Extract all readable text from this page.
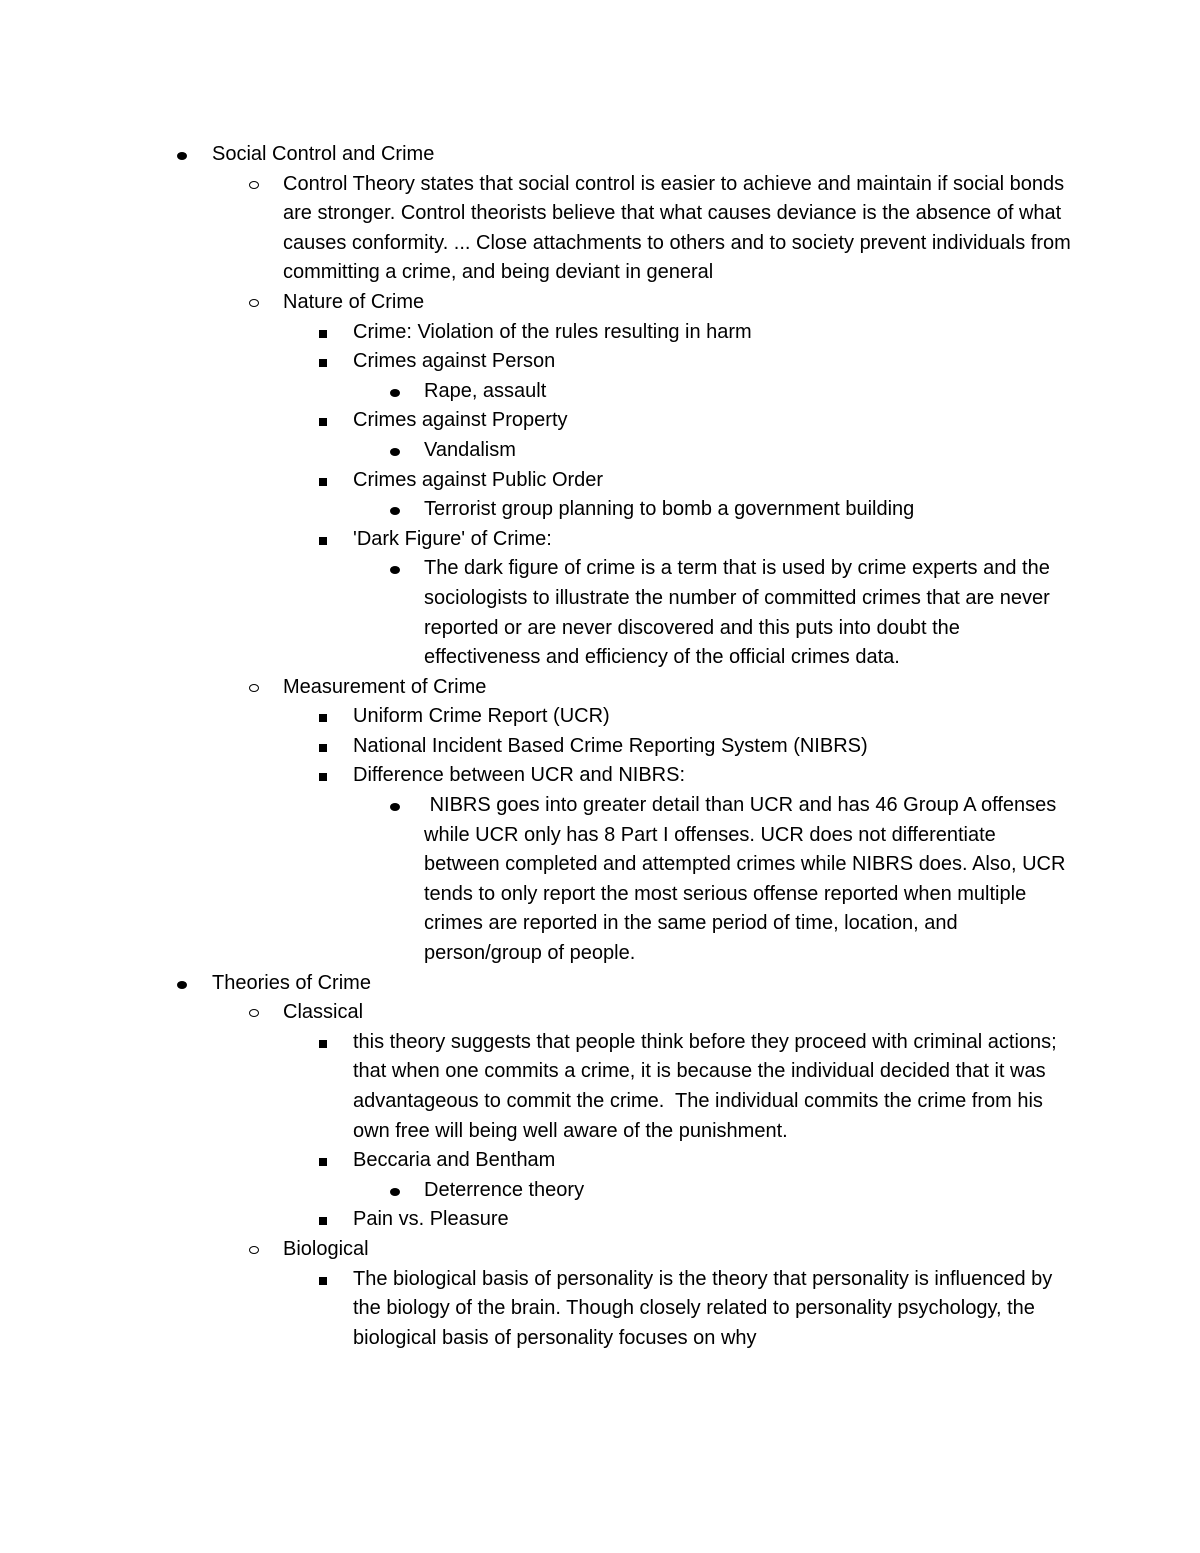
Social Control and Crime
Control Theory states that social control is easier to achieve and maintain if social bonds are stronger. Control theorists believe that what causes deviance is the absence of what causes conformity. ... Close attachments to others and to society prevent individuals from committing a crime, and being deviant in general
Nature of Crime
Crime: Violation of the rules resulting in harm
Crimes against Person
Rape, assault
Crimes against Property
Vandalism
Crimes against Public Order
Terrorist group planning to bomb a government building
'Dark Figure' of Crime:
The dark figure of crime is a term that is used by crime experts and the sociologists to illustrate the number of committed crimes that are never reported or are never discovered and this puts into doubt the effectiveness and efficiency of the official crimes data.
Measurement of Crime
Uniform Crime Report (UCR)
National Incident Based Crime Reporting System (NIBRS)
Difference between UCR and NIBRS:
NIBRS goes into greater detail than UCR and has 46 Group A offenses while UCR only has 8 Part I offenses. UCR does not differentiate between completed and attempted crimes while NIBRS does. Also, UCR tends to only report the most serious offense reported when multiple crimes are reported in the same period of time, location, and person/group of people.
Theories of Crime
Classical
this theory suggests that people think before they proceed with criminal actions; that when one commits a crime, it is because the individual decided that it was advantageous to commit the crime.  The individual commits the crime from his own free will being well aware of the punishment.
Beccaria and Bentham
Deterrence theory
Pain vs. Pleasure
Biological
The biological basis of personality is the theory that personality is influenced by the biology of the brain. Though closely related to personality psychology, the biological basis of personality focuses on why
